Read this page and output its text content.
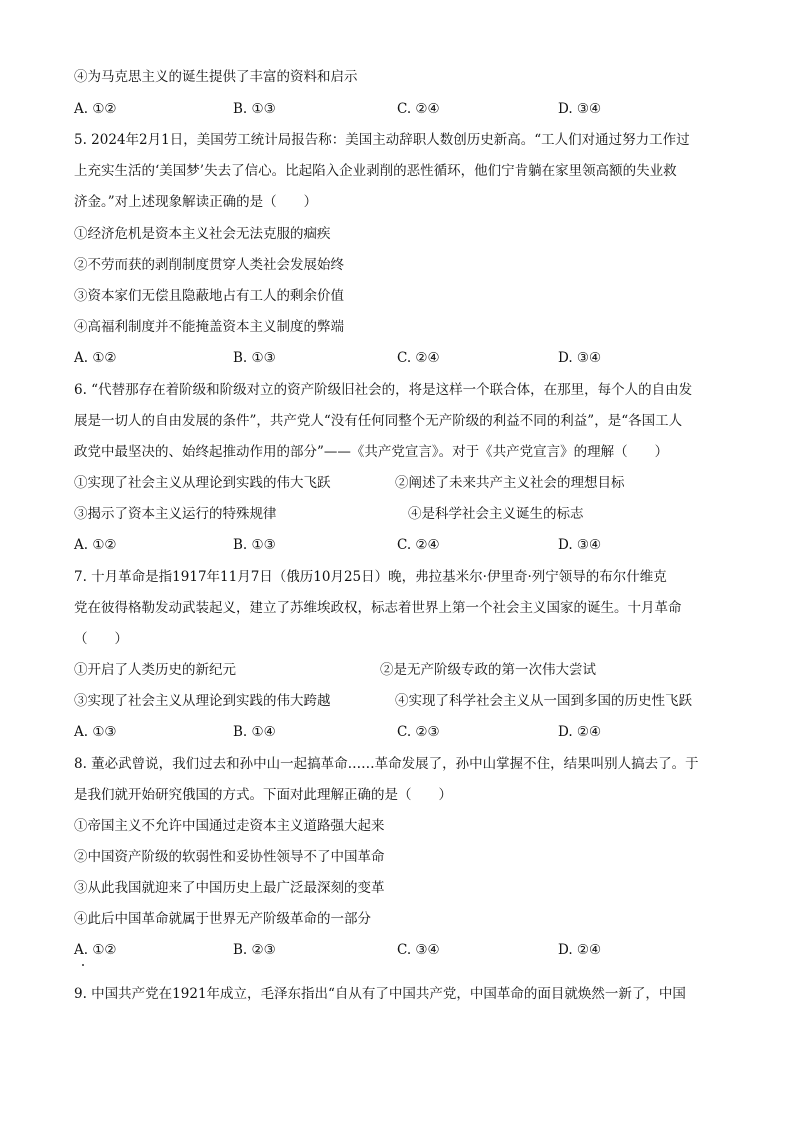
④为马克思主义的诞生提供了丰富的资料和启示
A. ①②	B. ①③	C. ②④	D. ③④
5. 2024年2月1日，美国劳工统计局报告称：美国主动辞职人数创历史新高。“工人们对通过努力工作过
上充实生活的‘美国梦’失去了信心。比起陷入企业剥削的恶性循环，他们宁肯躺在家里领高额的失业救
济金。”对上述现象解读正确的是（　　）
①经济危机是资本主义社会无法克服的痼疾
②不劳而获的剥削制度贯穿人类社会发展始终
③资本家们无偿且隐蔽地占有工人的剩余价值
④高福利制度并不能掩盖资本主义制度的弊端
A. ①②	B. ①③	C. ②④	D. ③④
6. “代替那存在着阶级和阶级对立的资产阶级旧社会的，将是这样一个联合体，在那里，每个人的自由发
展是一切人的自由发展的条件”，共产党人“没有任何同整个无产阶级的利益不同的利益”，是“各国工人
政党中最坚决的、始终起推动作用的部分”——《共产党宣言》。对于《共产党宣言》的理解（　　）
①实现了社会主义从理论到实践的伟大飞跃	②阐述了未来共产主义社会的理想目标
③揭示了资本主义运行的特殊规律	④是科学社会主义诞生的标志
A. ①②	B. ①③	C. ②④	D. ③④
7. 十月革命是指1917年11月7日（俄历10月25日）晚，弗拉基米尔·伊里奇·列宁领导的布尔什维克
党在彼得格勒发动武装起义，建立了苏维埃政权，标志着世界上第一个社会主义国家的诞生。十月革命
（　　）
①开启了人类历史的新纪元	②是无产阶级专政的第一次伟大尝试
③实现了社会主义从理论到实践的伟大跨越	④实现了科学社会主义从一国到多国的历史性飞跃
A. ①③	B. ①④	C. ②③	D. ②④
8. 董必武曾说，我们过去和孙中山一起搞革命……革命发展了，孙中山掌握不住，结果叫别人搞去了。于
是我们就开始研究俄国的方式。下面对此理解正确的是（　　）
①帝国主义不允许中国通过走资本主义道路强大起来
②中国资产阶级的软弱性和妥协性领导不了中国革命
③从此我国就迎来了中国历史上最广泛最深刻的变革
④此后中国革命就属于世界无产阶级革命的一部分
A. ①②	B. ②③	C. ③④	D. ②④
9. 中国共产党在1921年成立，毛泽东指出“自从有了中国共产党，中国革命的面目就焕然一新了，中国
